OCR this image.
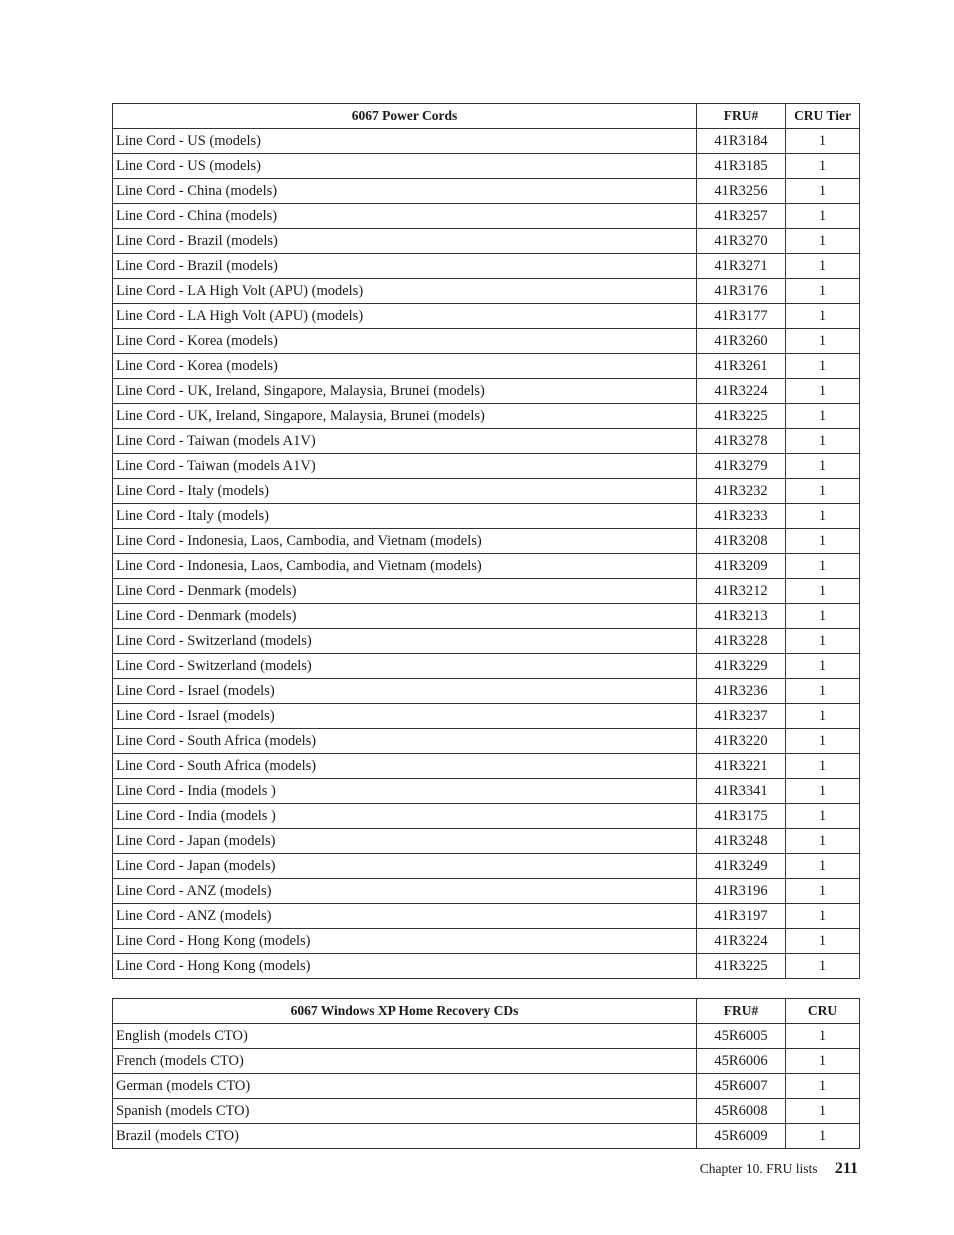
6067 Power Cords	FRU#	CRU Tier
Line Cord - US (models)	41R3184	1
Line Cord - US (models)	41R3185	1
Line Cord - China (models)	41R3256	1
Line Cord - China (models)	41R3257	1
Line Cord - Brazil (models)	41R3270	1
Line Cord - Brazil (models)	41R3271	1
Line Cord - LA High Volt (APU) (models)	41R3176	1
Line Cord - LA High Volt (APU) (models)	41R3177	1
Line Cord - Korea (models)	41R3260	1
Line Cord - Korea (models)	41R3261	1
Line Cord - UK, Ireland, Singapore, Malaysia, Brunei (models)	41R3224	1
Line Cord - UK, Ireland, Singapore, Malaysia, Brunei (models)	41R3225	1
Line Cord - Taiwan (models A1V)	41R3278	1
Line Cord - Taiwan (models A1V)	41R3279	1
Line Cord - Italy (models)	41R3232	1
Line Cord - Italy (models)	41R3233	1
Line Cord - Indonesia, Laos, Cambodia, and Vietnam (models)	41R3208	1
Line Cord - Indonesia, Laos, Cambodia, and Vietnam (models)	41R3209	1
Line Cord - Denmark (models)	41R3212	1
Line Cord - Denmark (models)	41R3213	1
Line Cord - Switzerland (models)	41R3228	1
Line Cord - Switzerland (models)	41R3229	1
Line Cord - Israel (models)	41R3236	1
Line Cord - Israel (models)	41R3237	1
Line Cord - South Africa (models)	41R3220	1
Line Cord - South Africa (models)	41R3221	1
Line Cord - India (models )	41R3341	1
Line Cord - India (models )	41R3175	1
Line Cord - Japan (models)	41R3248	1
Line Cord - Japan (models)	41R3249	1
Line Cord - ANZ (models)	41R3196	1
Line Cord - ANZ (models)	41R3197	1
Line Cord - Hong Kong (models)	41R3224	1
Line Cord - Hong Kong (models)	41R3225	1
6067 Windows XP Home Recovery CDs	FRU#	CRU
English (models CTO)	45R6005	1
French (models CTO)	45R6006	1
German (models CTO)	45R6007	1
Spanish (models CTO)	45R6008	1
Brazil (models CTO)	45R6009	1
Chapter 10. FRU lists 211
